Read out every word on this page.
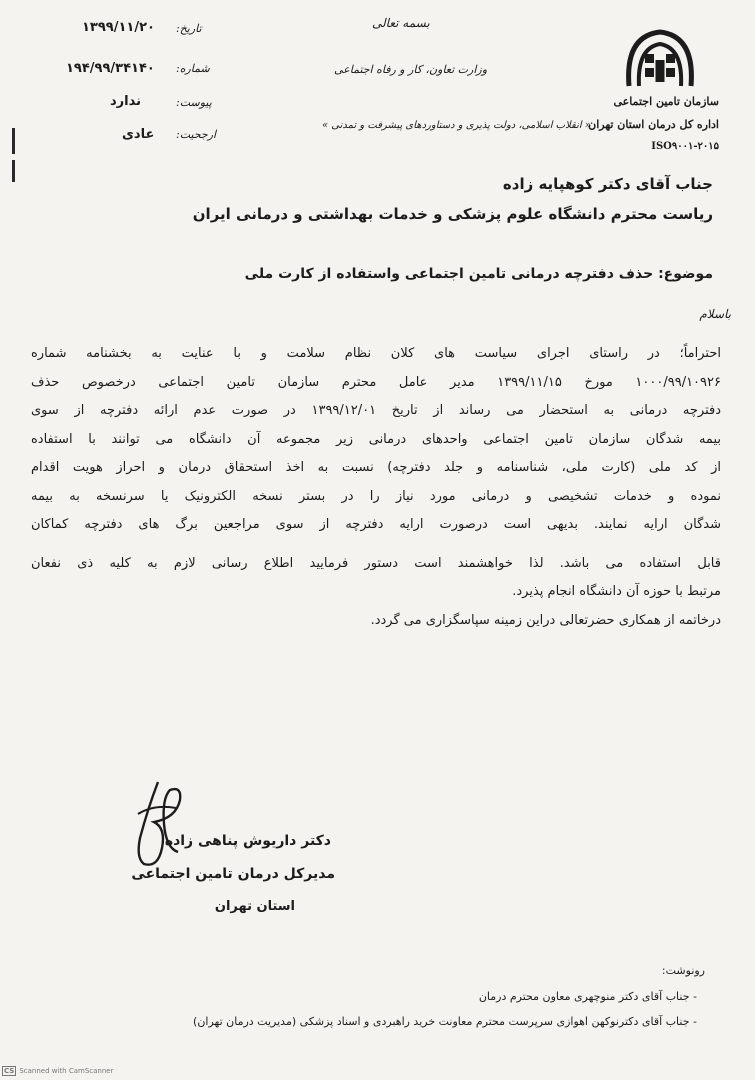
سازمان تامین اجتماعی
اداره کل درمان استان تهران
ISO۹۰۰۱-۲۰۱۵
بسمه تعالی
وزارت تعاون، کار و رفاه اجتماعی
« انقلاب اسلامی، دولت پذیری و دستاوردهای پیشرفت و تمدنی »
تاریخ:
۱۳۹۹/۱۱/۲۰
شماره:
۱۹۴/۹۹/۳۴۱۴۰
پیوست:
ندارد
ارجحیت:
عادی
جناب آقای دکتر کوهپایه زاده
ریاست محترم دانشگاه علوم پزشکی و خدمات بهداشتی و درمانی ایران
موضوع: حذف دفترچه درمانی تامین اجتماعی واستفاده از کارت ملی
باسلام
احتراماً؛ در راستای اجرای سیاست های کلان نظام سلامت و با عنایت به بخشنامه شماره
۱۰۰۰/۹۹/۱۰۹۲۶ مورخ ۱۳۹۹/۱۱/۱۵ مدیر عامل محترم سازمان تامین اجتماعی درخصوص حذف
دفترچه درمانی به استحضار می رساند از تاریخ ۱۳۹۹/۱۲/۰۱ در صورت عدم ارائه دفترچه از سوی
بیمه شدگان سازمان تامین اجتماعی واحدهای درمانی زیر مجموعه آن دانشگاه می توانند با استفاده
از کد ملی (کارت ملی، شناسنامه و جلد دفترچه) نسبت به اخذ استحقاق درمان و احراز هویت اقدام
نموده و خدمات تشخیصی و درمانی مورد نیاز را در بستر نسخه الکترونیک یا سرنسخه به بیمه
شدگان ارایه نمایند. بدیهی است درصورت ارایه دفترچه از سوی مراجعین برگ های دفترچه کماکان
قابل استفاده می باشد. لذا خواهشمند است دستور فرمایید اطلاع رسانی لازم به کلیه ذی نفعان
مرتبط با حوزه آن دانشگاه انجام پذیرد.
درخاتمه از همکاری حضرتعالی دراین زمینه سپاسگزاری می گردد.
دکتر داریوش پناهی زاده
مدیرکل درمان تامین اجتماعی
استان تهران
رونوشت:
- جناب آقای دکتر منوچهری معاون محترم درمان
- جناب آقای دکترنوکهن اهوازی سرپرست محترم معاونت خرید راهبردی و اسناد پزشکی (مدیریت درمان تهران)
CS Scanned with CamScanner
